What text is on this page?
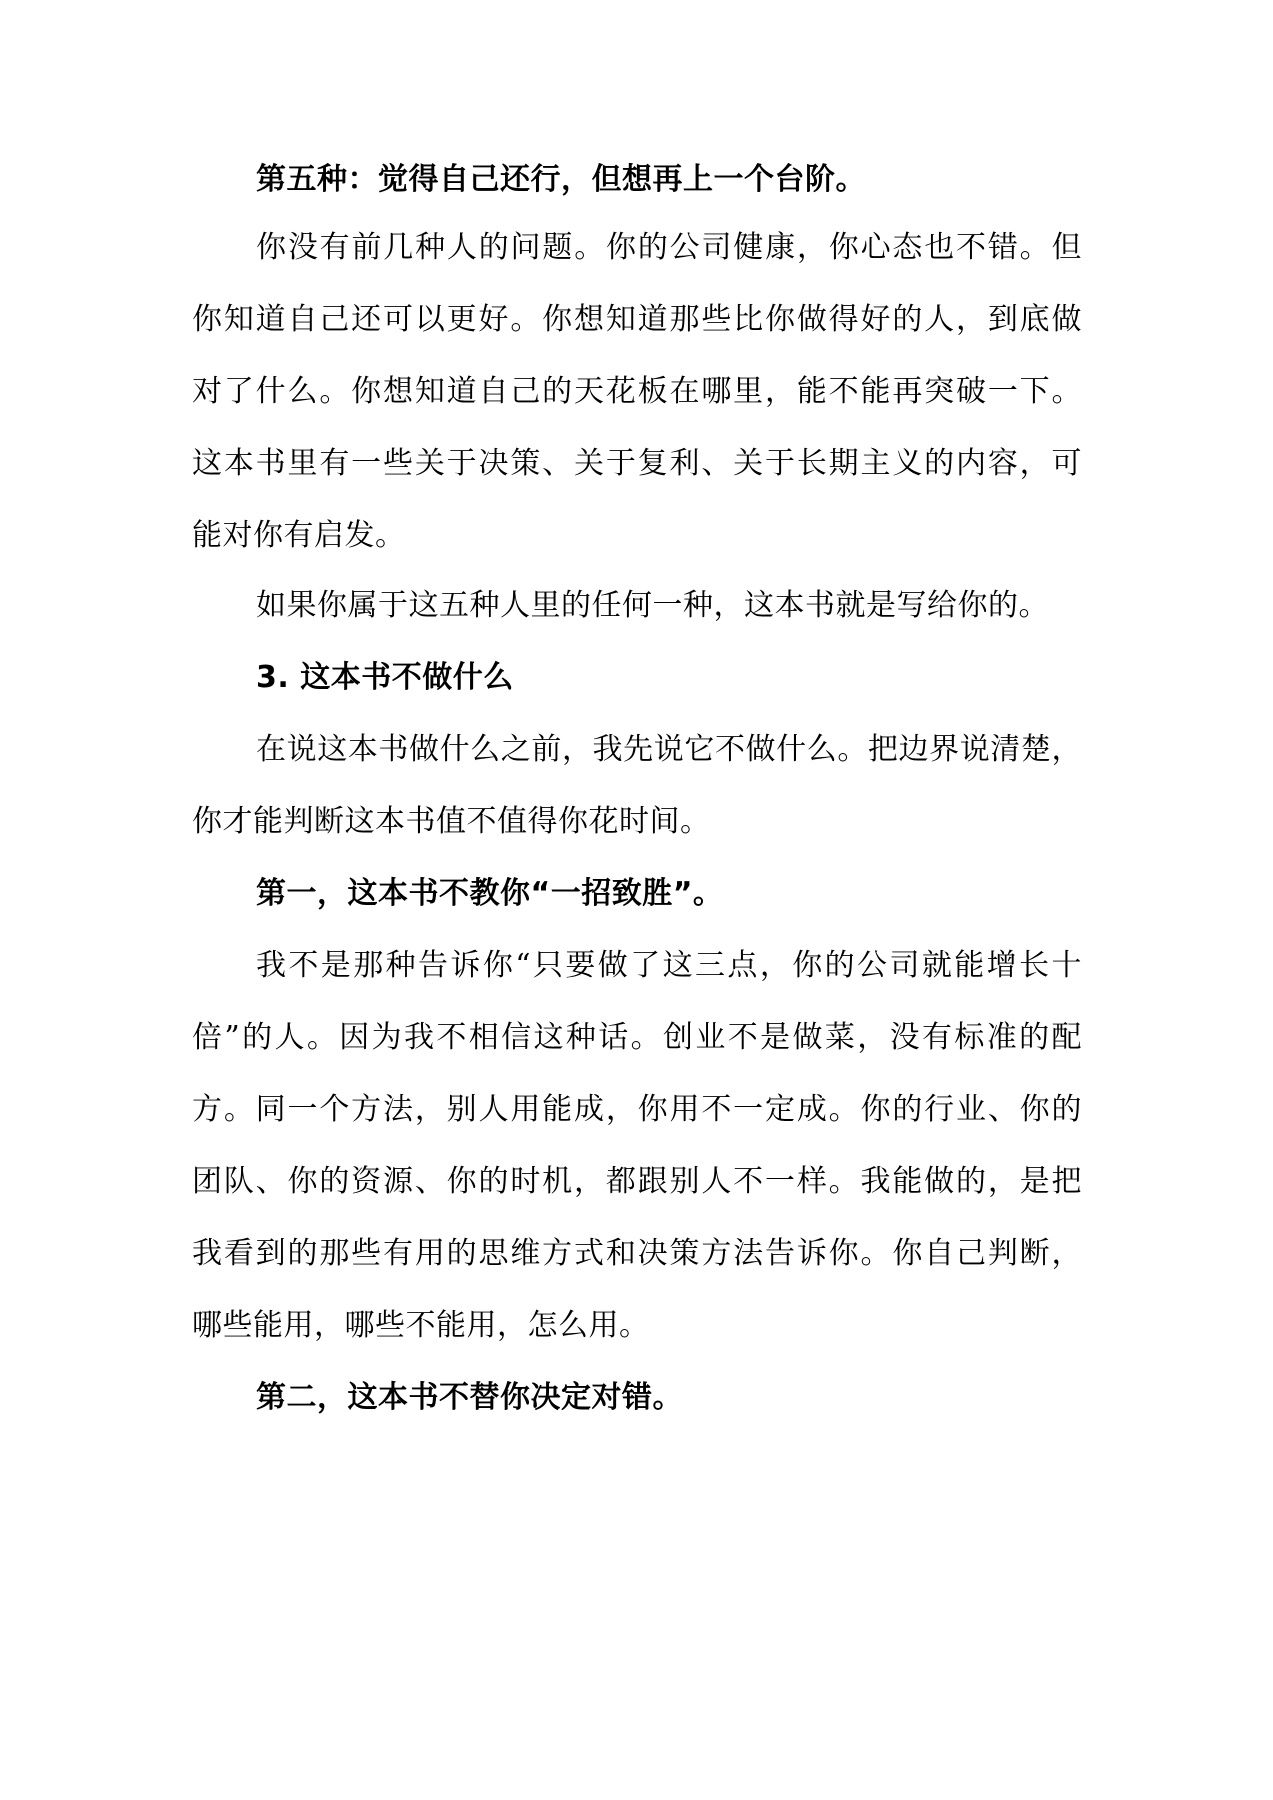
第五种：觉得自己还行，但想再上一个台阶。
你没有前几种人的问题。你的公司健康，你心态也不错。但
你知道自己还可以更好。你想知道那些比你做得好的人，到底做
对了什么。你想知道自己的天花板在哪里，能不能再突破一下。
这本书里有一些关于决策、关于复利、关于长期主义的内容，可
能对你有启发。
如果你属于这五种人里的任何一种，这本书就是写给你的。
3. 这本书不做什么
在说这本书做什么之前，我先说它不做什么。把边界说清楚，
你才能判断这本书值不值得你花时间。
第一，这本书不教你“一招致胜”。
我不是那种告诉你“只要做了这三点，你的公司就能增长十
倍”的人。因为我不相信这种话。创业不是做菜，没有标准的配
方。同一个方法，别人用能成，你用不一定成。你的行业、你的
团队、你的资源、你的时机，都跟别人不一样。我能做的，是把
我看到的那些有用的思维方式和决策方法告诉你。你自己判断，
哪些能用，哪些不能用，怎么用。
第二，这本书不替你决定对错。
